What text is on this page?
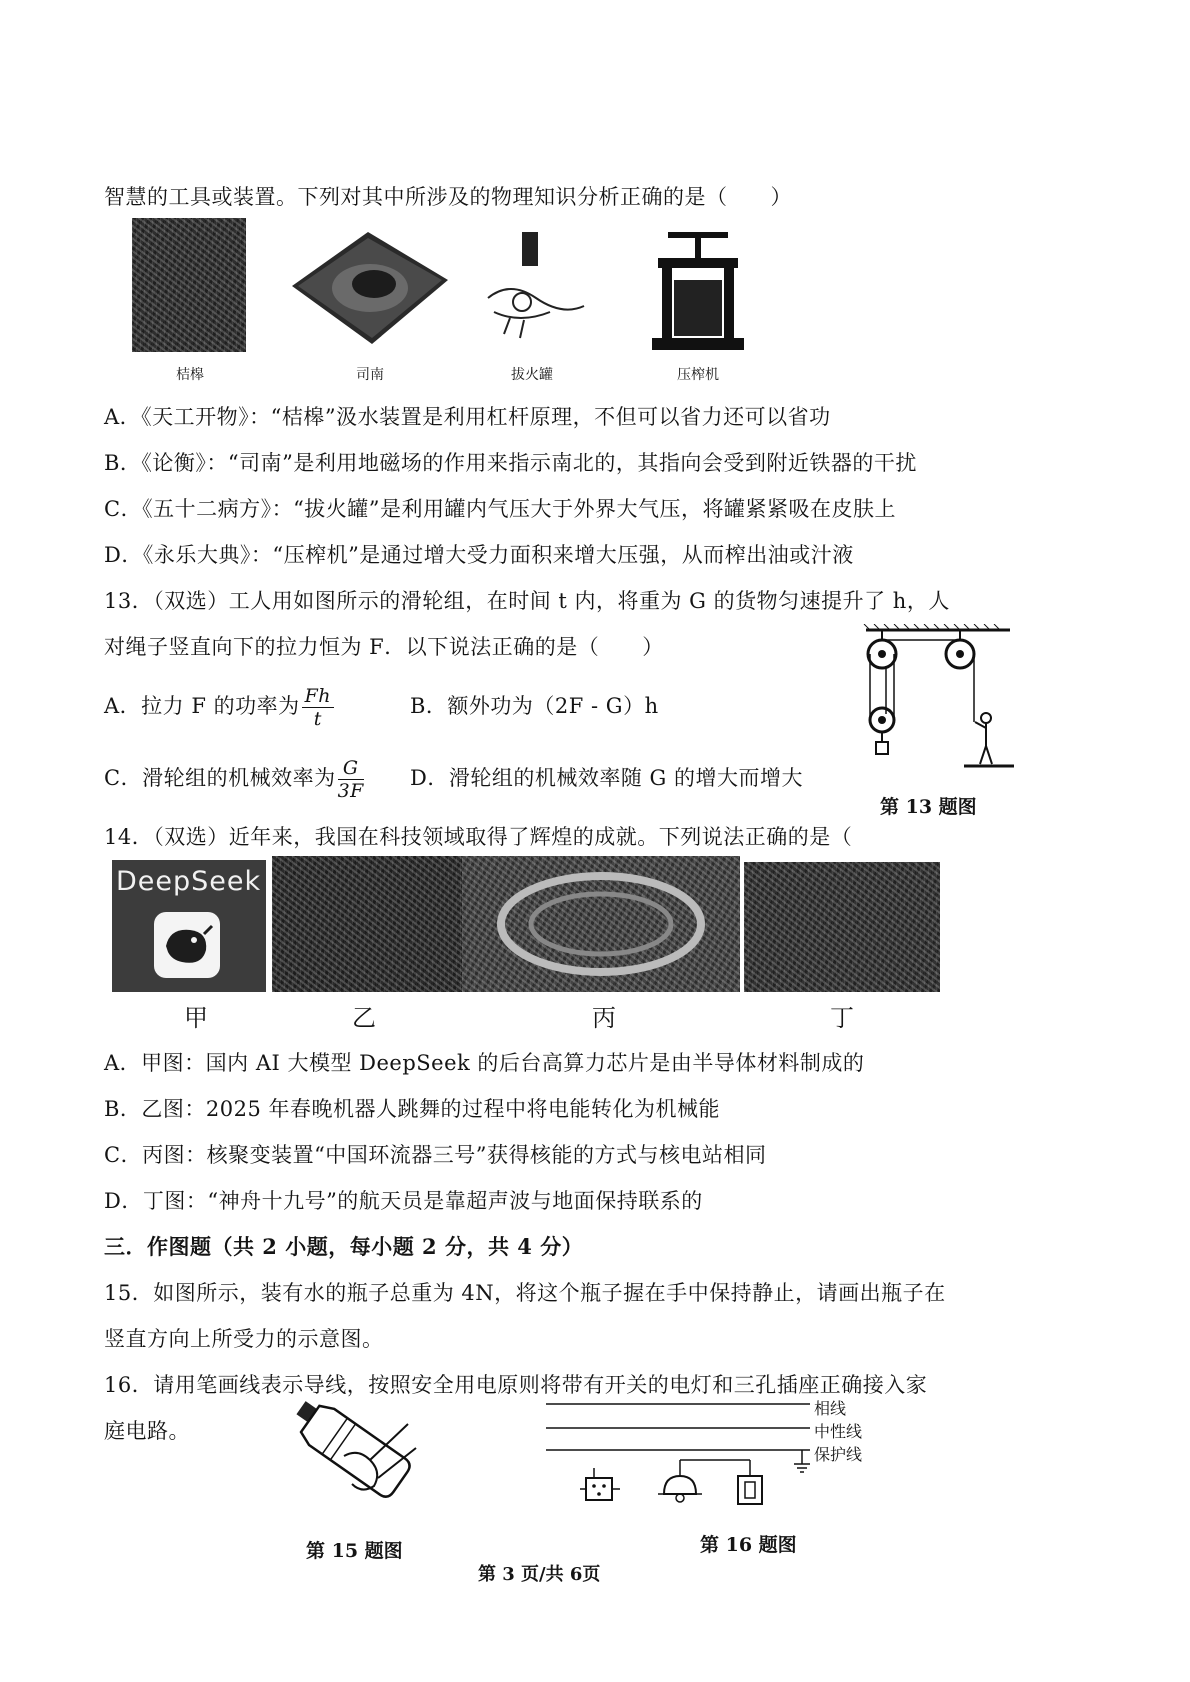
智慧的工具或装置。下列对其中所涉及的物理知识分析正确的是（　　）
桔槔	司南	拔火罐	压榨机
A．《天工开物》：“桔槔”汲水装置是利用杠杆原理，不但可以省力还可以省功
B．《论衡》：“司南”是利用地磁场的作用来指示南北的，其指向会受到附近铁器的干扰
C．《五十二病方》：“拔火罐”是利用罐内气压大于外界大气压，将罐紧紧吸在皮肤上
D．《永乐大典》：“压榨机”是通过增大受力面积来增大压强，从而榨出油或汁液
13．（双选）工人用如图所示的滑轮组，在时间 t 内，将重为 G 的货物匀速提升了 h，人
对绳子竖直向下的拉力恒为 F．以下说法正确的是（　　）
A．拉力 F 的功率为 $\frac{Fh}{t}$	B．额外功为（2F - G）h
C．滑轮组的机械效率为 $\frac{G}{3F}$ D．滑轮组的机械效率随 G 的增大而增大
第 13 题图
14．（双选）近年来，我国在科技领域取得了辉煌的成就。下列说法正确的是（
DeepSeek
甲	乙	丙	丁
A．甲图：国内 AI 大模型 DeepSeek 的后台高算力芯片是由半导体材料制成的
B．乙图：2025 年春晚机器人跳舞的过程中将电能转化为机械能
C．丙图：核聚变装置“中国环流器三号”获得核能的方式与核电站相同
D．丁图：“神舟十九号”的航天员是靠超声波与地面保持联系的
三．作图题（共 2 小题，每小题 2 分，共 4 分）
15．如图所示，装有水的瓶子总重为 4N，将这个瓶子握在手中保持静止，请画出瓶子在
竖直方向上所受力的示意图。
16．请用笔画线表示导线，按照安全用电原则将带有开关的电灯和三孔插座正确接入家
庭电路。
第 15 题图
相线
中性线
保护线
第 16 题图
第 3 页/共 6页
